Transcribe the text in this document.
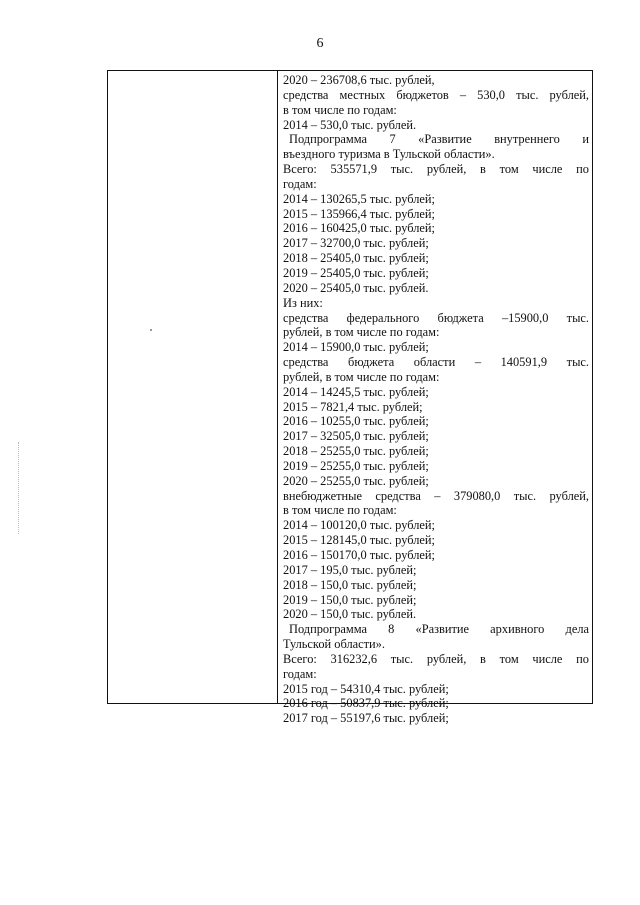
6
2020 – 236708,6 тыс. рублей,
средства местных бюджетов – 530,0 тыс. рублей,
в том числе по годам:
2014 – 530,0 тыс. рублей.
Подпрограмма 7 «Развитие внутреннего и
въездного туризма в Тульской области».
Всего: 535571,9 тыс. рублей, в том числе по
годам:
2014 – 130265,5 тыс. рублей;
2015 – 135966,4 тыс. рублей;
2016 – 160425,0 тыс. рублей;
2017 – 32700,0 тыс. рублей;
2018 – 25405,0 тыс. рублей;
2019 – 25405,0 тыс. рублей;
2020 – 25405,0 тыс. рублей.
Из них:
средства федерального бюджета –15900,0 тыс.
рублей, в том числе по годам:
2014 – 15900,0 тыс. рублей;
средства бюджета области – 140591,9 тыс.
рублей, в том числе по годам:
2014 – 14245,5 тыс. рублей;
2015 – 7821,4 тыс. рублей;
2016 – 10255,0 тыс. рублей;
2017 – 32505,0 тыс. рублей;
2018 – 25255,0 тыс. рублей;
2019 – 25255,0 тыс. рублей;
2020 – 25255,0 тыс. рублей;
внебюджетные средства – 379080,0 тыс. рублей,
в том числе по годам:
2014 – 100120,0 тыс. рублей;
2015 – 128145,0 тыс. рублей;
2016 – 150170,0 тыс. рублей;
2017 – 195,0 тыс. рублей;
2018 – 150,0 тыс. рублей;
2019 – 150,0 тыс. рублей;
2020 – 150,0 тыс. рублей.
Подпрограмма 8 «Развитие архивного дела
Тульской области».
Всего: 316232,6 тыс. рублей, в том числе по
годам:
2015 год – 54310,4 тыс. рублей;
2016 год – 50837,9 тыс. рублей;
2017 год – 55197,6 тыс. рублей;
